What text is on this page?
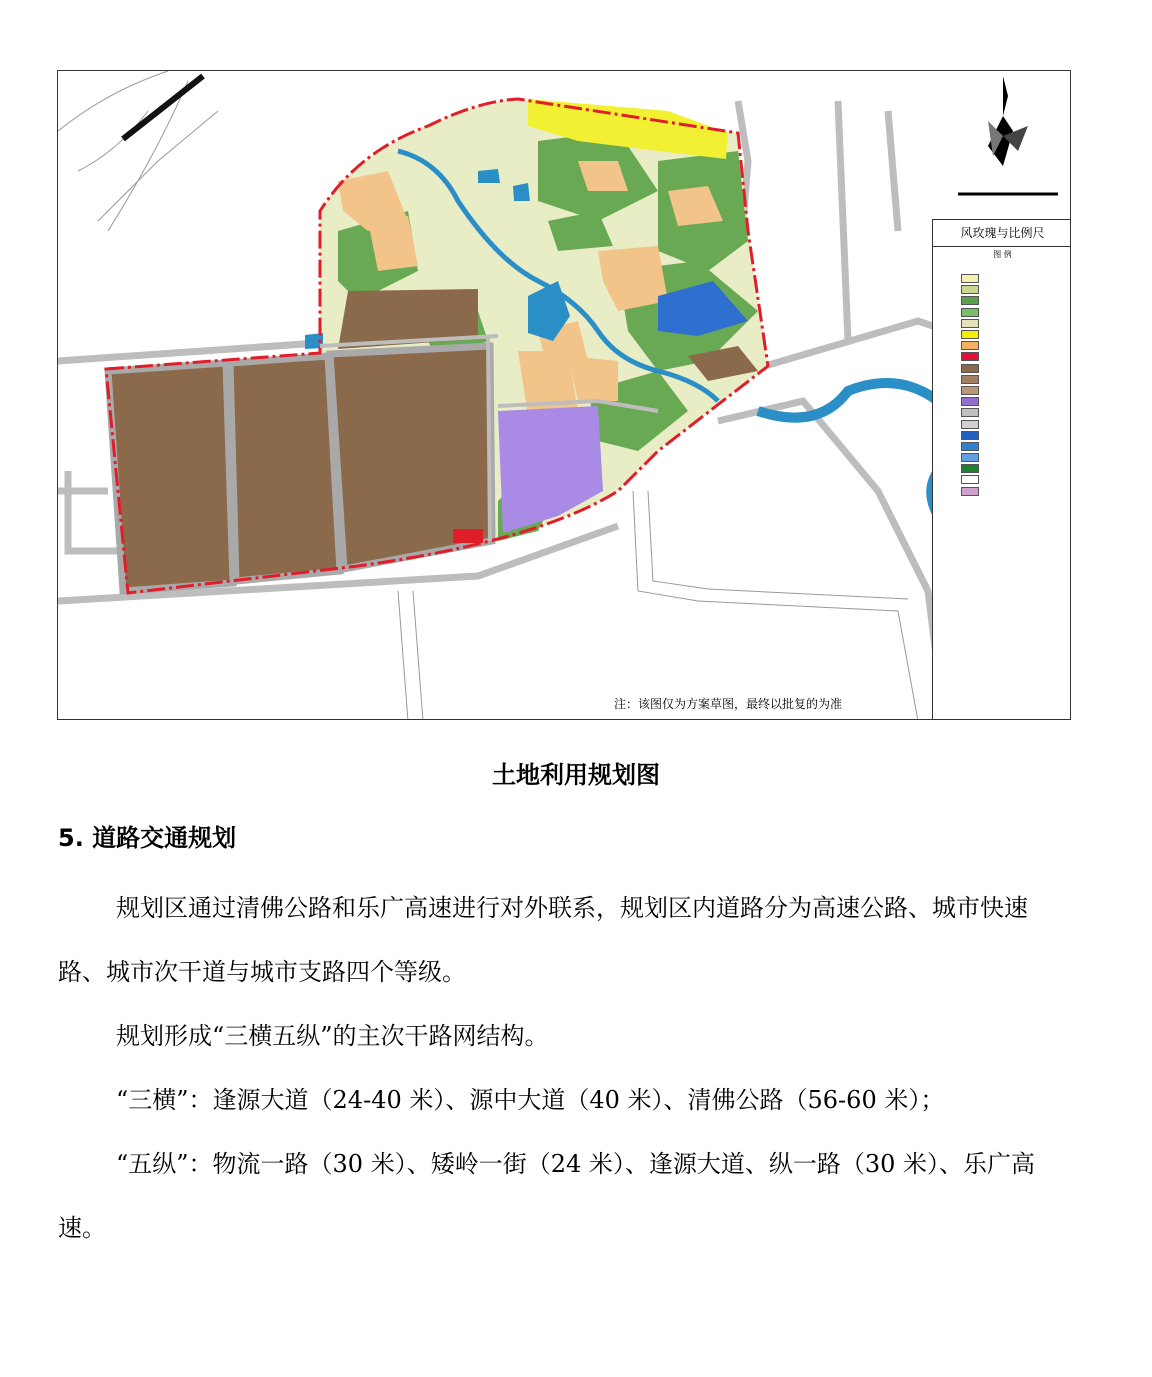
风玫瑰与比例尺
图 例
注：该图仅为方案草图，最终以批复的为准
土地利用规划图
5. 道路交通规划

规划区通过清佛公路和乐广高速进行对外联系，规划区内道路分为高速公路、城市快速路、城市次干道与城市支路四个等级。

规划形成“三横五纵”的主次干路网结构。

“三横”：逢源大道（24-40 米）、源中大道（40 米）、清佛公路（56-60 米）；

“五纵”：物流一路（30 米）、矮岭一街（24 米）、逢源大道、纵一路（30 米）、乐广高速。
